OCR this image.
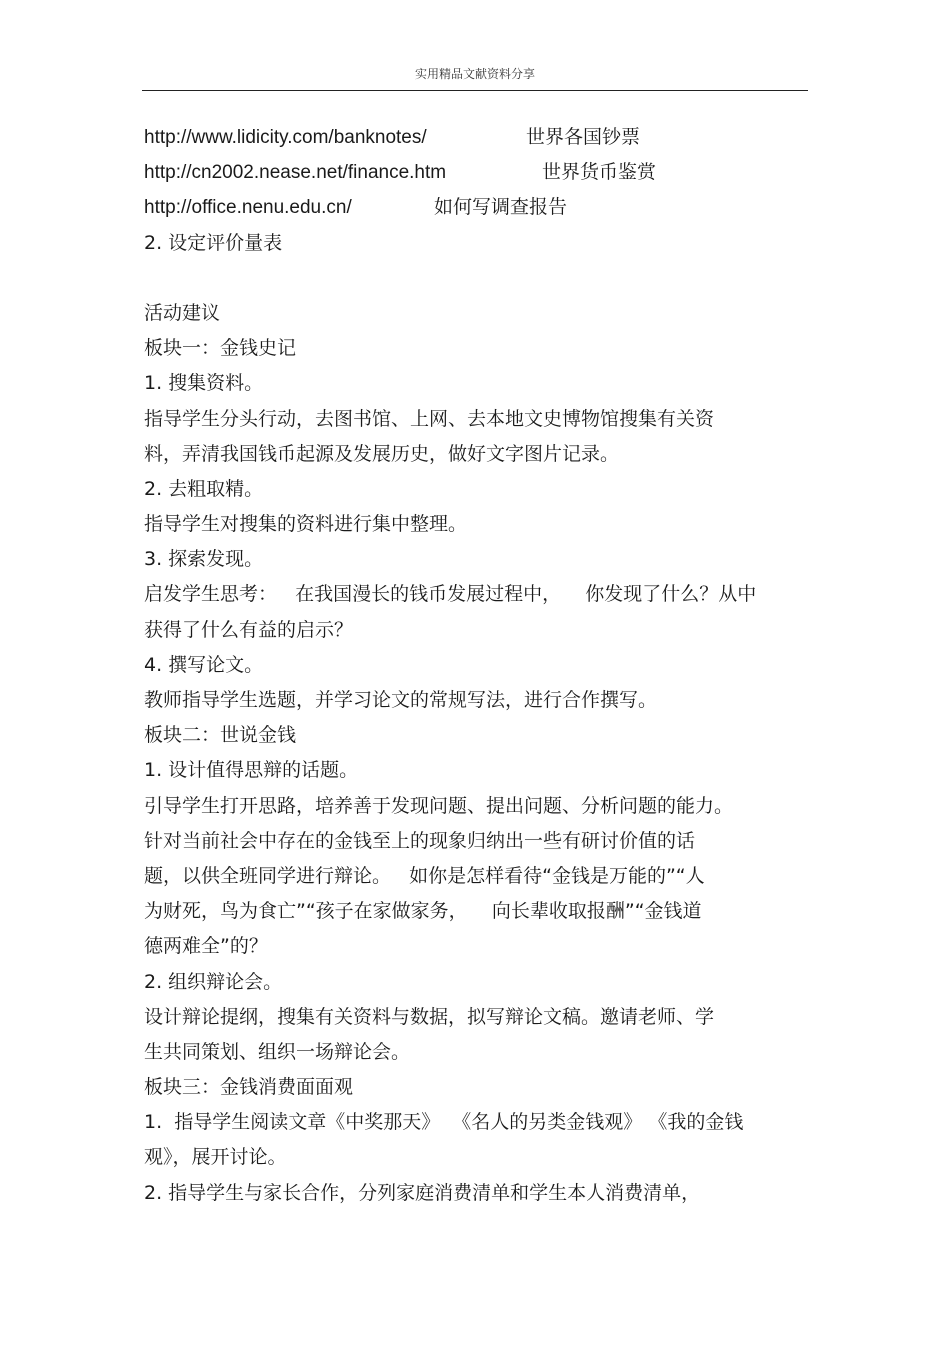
实用精品文献资料分享
http://www.lidicity.com/banknotes/	世界各国钞票
http://cn2002.nease.net/finance.htm	世界货币鉴赏
http://office.nenu.edu.cn/	如何写调查报告
2. 设定评价量表
活动建议
板块一：金钱史记
1. 搜集资料。
指导学生分头行动，去图书馆、上网、去本地文史博物馆搜集有关资
料，弄清我国钱币起源及发展历史，做好文字图片记录。
2. 去粗取精。
指导学生对搜集的资料进行集中整理。
3. 探索发现。
启发学生思考：   在我国漫长的钱币发展过程中，    你发现了什么？从中
获得了什么有益的启示？
4. 撰写论文。
教师指导学生选题，并学习论文的常规写法，进行合作撰写。
板块二：世说金钱
1. 设计值得思辩的话题。
引导学生打开思路，培养善于发现问题、提出问题、分析问题的能力。
针对当前社会中存在的金钱至上的现象归纳出一些有研讨价值的话
题，以供全班同学进行辩论。   如你是怎样看待“金钱是万能的”“人
为财死，鸟为食亡”“孩子在家做家务，    向长辈收取报酬”“金钱道
德两难全”的？
2. 组织辩论会。
设计辩论提纲，搜集有关资料与数据，拟写辩论文稿。邀请老师、学
生共同策划、组织一场辩论会。
板块三：金钱消费面面观
1.  指导学生阅读文章《中奖那天》  《名人的另类金钱观》 《我的金钱
观》，展开讨论。
2. 指导学生与家长合作，分列家庭消费清单和学生本人消费清单，
